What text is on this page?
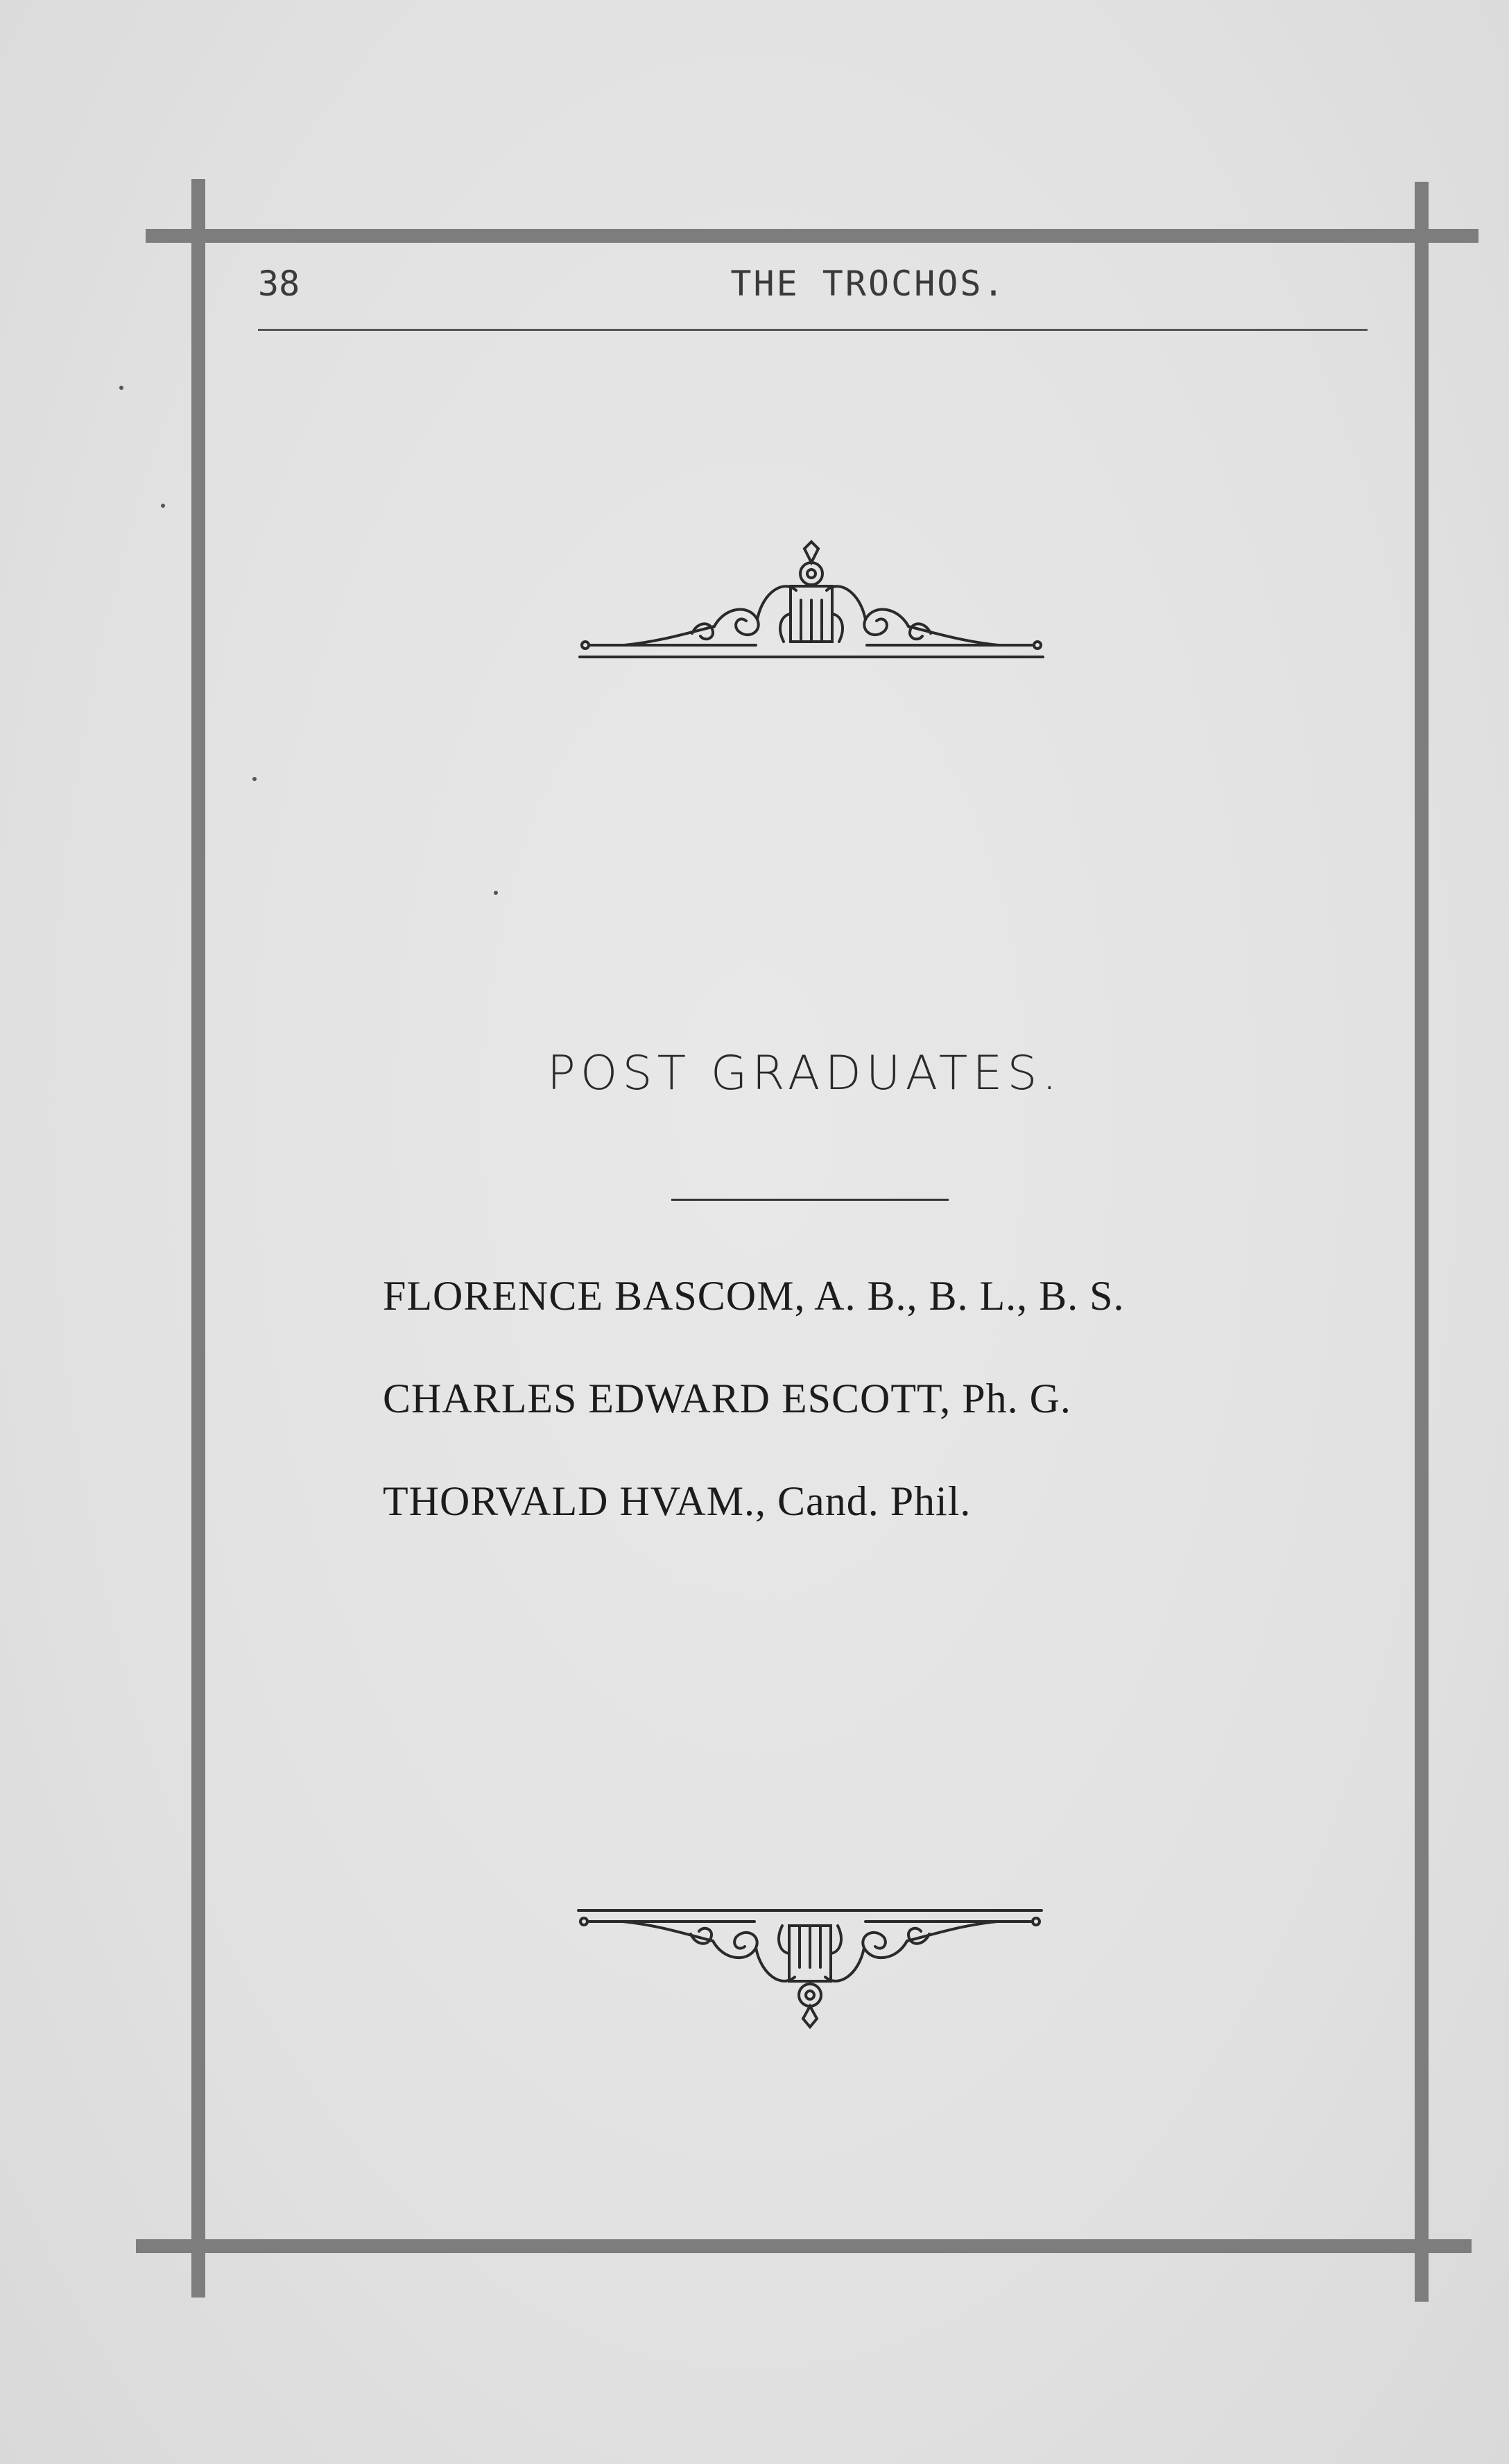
38	THE TROCHOS.
POST GRADUATES.
FLORENCE BASCOM, A. B., B. L., B. S.
CHARLES EDWARD ESCOTT, Ph. G.
THORVALD HVAM., Cand. Phil.
